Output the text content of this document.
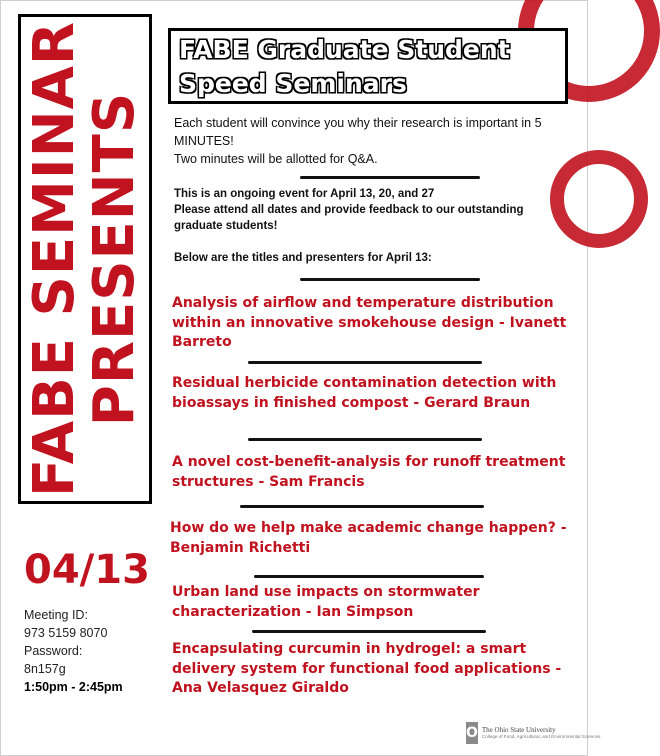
FABE SEMINAR
PRESENTS
FABE Graduate Student
Speed Seminars
Each student will convince you why their research is important in 5 MINUTES!
Two minutes will be allotted for Q&A.
This is an ongoing event for April 13, 20, and 27
Please attend all dates and provide feedback to our outstanding graduate students!
Below are the titles and presenters for April 13:
Analysis of airflow and temperature distribution within an innovative smokehouse design - Ivanett Barreto
Residual herbicide contamination detection with bioassays in finished compost - Gerard Braun
A novel cost-benefit-analysis for runoff treatment structures - Sam Francis
How do we help make academic change happen? - Benjamin Richetti
Urban land use impacts on stormwater characterization - Ian Simpson
Encapsulating curcumin in hydrogel: a smart delivery system for functional food applications - Ana Velasquez Giraldo
04/13
Meeting ID:
973 5159 8070
Password:
8n157g
1:50pm - 2:45pm
O The Ohio State University
College of Food, Agricultural, and Environmental Sciences
